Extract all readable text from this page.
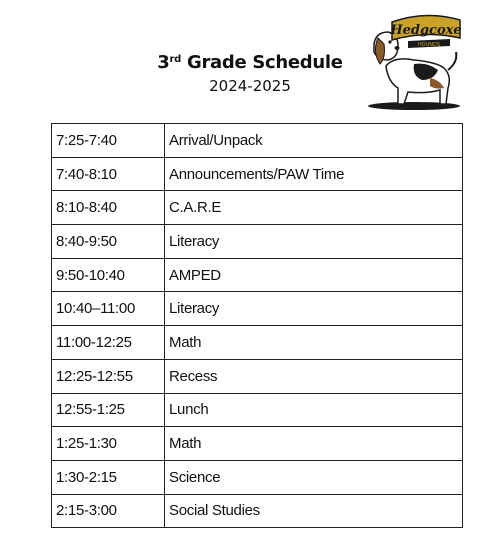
3rd Grade Schedule
2024-2025
Hedgcoxe
HOUNDS
7:25-7:40	Arrival/Unpack
7:40-8:10	Announcements/PAW Time
8:10-8:40	C.A.R.E
8:40-9:50	Literacy
9:50-10:40	AMPED
10:40–11:00	Literacy
11:00-12:25	Math
12:25-12:55	Recess
12:55-1:25	Lunch
1:25-1:30	Math
1:30-2:15	Science
2:15-3:00	Social Studies
